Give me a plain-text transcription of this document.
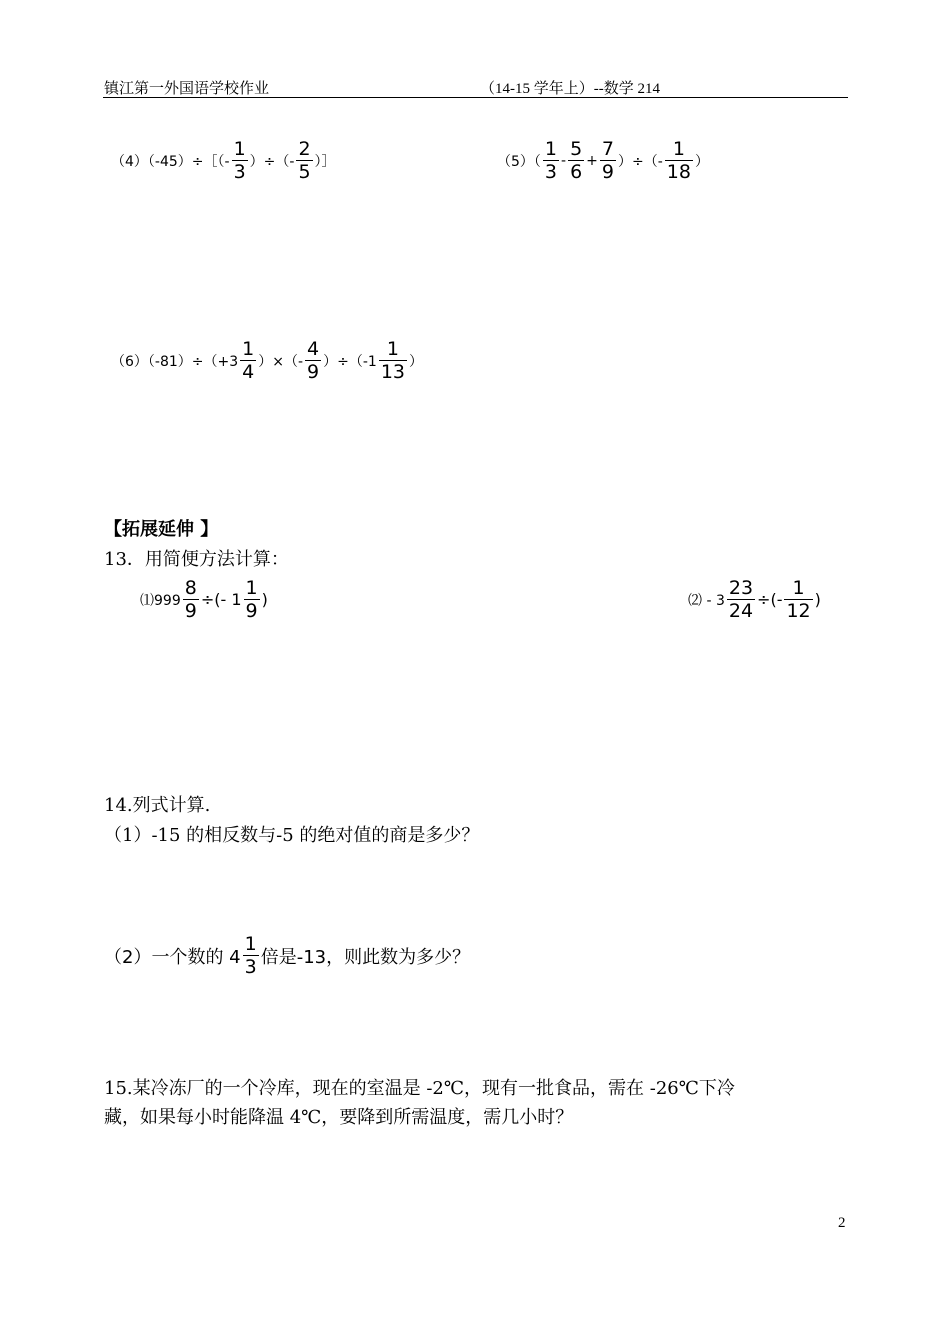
镇江第一外国语学校作业	（14-15 学年上）--数学 214
（4）（-45）÷［（- $\frac{1}{3}$ ）÷（- $\frac{2}{5}$ ）］	$(5)( \frac{1}{3} - \frac{5}{6} + \frac{7}{9}$ ）÷（- $\frac{1}{18}$ ）
$(6)(-81)\div(+3 \frac{1}{4}$ ）×（- $\frac{4}{9} )\div(-1 \frac{1}{13}$ ）
【拓展延伸 】
13．用简便方法计算：
⑴999 $\frac{8}{9}$ ÷(- $1 \frac{1}{9}$ )	⑵ - $3 \frac{23}{24}$ ÷(- $\frac{1}{12}$ )
14.列式计算.
（1）-15 的相反数与-5 的绝对值的商是多少？
（2）一个数的 $4 \frac{1}{3}$ 倍是-13，则此数为多少？
15.某冷冻厂的一个冷库，现在的室温是 -2℃，现有一批食品，需在 -26℃下冷
藏，如果每小时能降温 4℃，要降到所需温度，需几小时？
2
